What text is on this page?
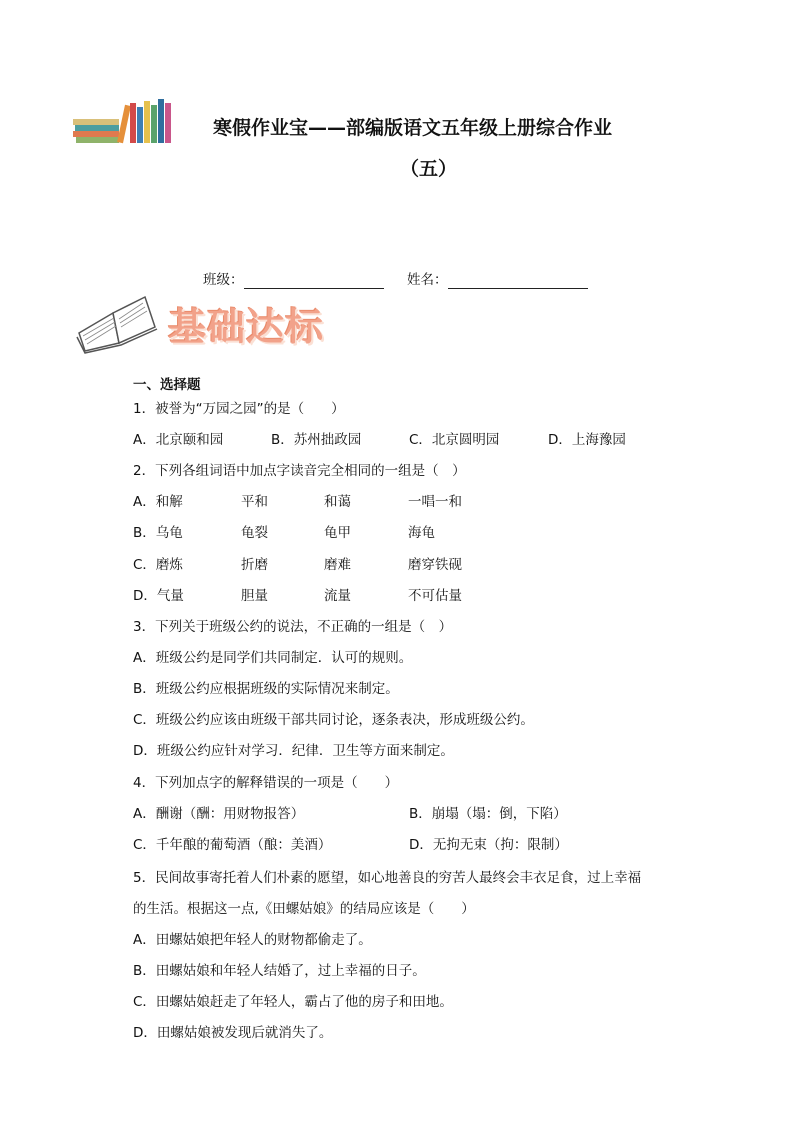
寒假作业宝——部编版语文五年级上册综合作业
（五）
班级：	姓名：
基础达标
一、选择题
1．被誉为“万园之园”的是（　　）
A．北京颐和园	B．苏州拙政园	C．北京圆明园	D．上海豫园
2．下列各组词语中加点字读音完全相同的一组是（　）
A．和解	平和	和蔼	一唱一和
B．乌龟	龟裂	龟甲	海龟
C．磨炼	折磨	磨难	磨穿铁砚
D．气量	胆量	流量	不可估量
3．下列关于班级公约的说法，不正确的一组是（　）
A．班级公约是同学们共同制定．认可的规则。
B．班级公约应根据班级的实际情况来制定。
C．班级公约应该由班级干部共同讨论，逐条表决，形成班级公约。
D．班级公约应针对学习．纪律．卫生等方面来制定。
4．下列加点字的解释错误的一项是（　　）
A．酬谢（酬：用财物报答）	B．崩塌（塌：倒，下陷）
C．千年酿的葡萄酒（酿：美酒）	D．无拘无束（拘：限制）
5．民间故事寄托着人们朴素的愿望，如心地善良的穷苦人最终会丰衣足食，过上幸福
的生活。根据这一点,《田螺姑娘》的结局应该是（　　）
A．田螺姑娘把年轻人的财物都偷走了。
B．田螺姑娘和年轻人结婚了，过上幸福的日子。
C．田螺姑娘赶走了年轻人，霸占了他的房子和田地。
D．田螺姑娘被发现后就消失了。
